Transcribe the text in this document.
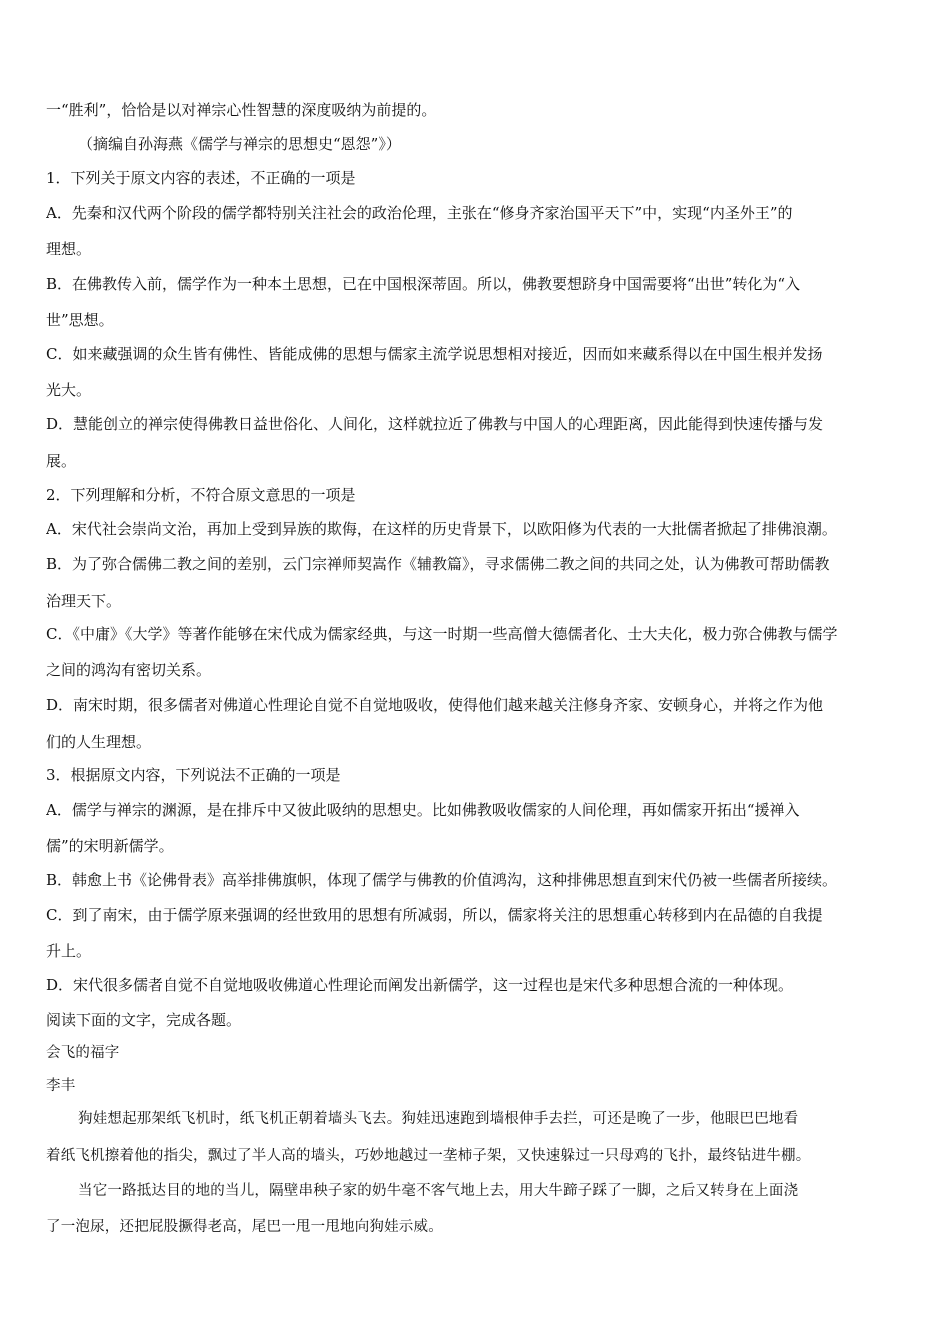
一“胜利”，恰恰是以对禅宗心性智慧的深度吸纳为前提的。
（摘编自孙海燕《儒学与禅宗的思想史“恩怨”》）
1．下列关于原文内容的表述，不正确的一项是
A．先秦和汉代两个阶段的儒学都特别关注社会的政治伦理，主张在“修身齐家治国平天下”中，实现“内圣外王”的
理想。
B．在佛教传入前，儒学作为一种本土思想，已在中国根深蒂固。所以，佛教要想跻身中国需要将“出世”转化为“入
世”思想。
C．如来藏强调的众生皆有佛性、皆能成佛的思想与儒家主流学说思想相对接近，因而如来藏系得以在中国生根并发扬
光大。
D．慧能创立的禅宗使得佛教日益世俗化、人间化，这样就拉近了佛教与中国人的心理距离，因此能得到快速传播与发
展。
2．下列理解和分析，不符合原文意思的一项是
A．宋代社会崇尚文治，再加上受到异族的欺侮，在这样的历史背景下，以欧阳修为代表的一大批儒者掀起了排佛浪潮。
B．为了弥合儒佛二教之间的差别，云门宗禅师契嵩作《辅教篇》，寻求儒佛二教之间的共同之处，认为佛教可帮助儒教
治理天下。
C．《中庸》《大学》等著作能够在宋代成为儒家经典，与这一时期一些高僧大德儒者化、士大夫化，极力弥合佛教与儒学
之间的鸿沟有密切关系。
D．南宋时期，很多儒者对佛道心性理论自觉不自觉地吸收，使得他们越来越关注修身齐家、安顿身心，并将之作为他
们的人生理想。
3．根据原文内容，下列说法不正确的一项是
A．儒学与禅宗的渊源，是在排斥中又彼此吸纳的思想史。比如佛教吸收儒家的人间伦理，再如儒家开拓出“援禅入
儒”的宋明新儒学。
B．韩愈上书《论佛骨表》高举排佛旗帜，体现了儒学与佛教的价值鸿沟，这种排佛思想直到宋代仍被一些儒者所接续。
C．到了南宋，由于儒学原来强调的经世致用的思想有所减弱，所以，儒家将关注的思想重心转移到内在品德的自我提
升上。
D．宋代很多儒者自觉不自觉地吸收佛道心性理论而阐发出新儒学，这一过程也是宋代多种思想合流的一种体现。
阅读下面的文字，完成各题。
会飞的福字
李丰
狗娃想起那架纸飞机时，纸飞机正朝着墙头飞去。狗娃迅速跑到墙根伸手去拦，可还是晚了一步，他眼巴巴地看
着纸飞机擦着他的指尖，飘过了半人高的墙头，巧妙地越过一垄柿子架，又快速躲过一只母鸡的飞扑，最终钻进牛棚。
当它一路抵达目的地的当儿，隔壁串秧子家的奶牛毫不客气地上去，用大牛蹄子踩了一脚，之后又转身在上面浇
了一泡尿，还把屁股撅得老高，尾巴一甩一甩地向狗娃示威。
